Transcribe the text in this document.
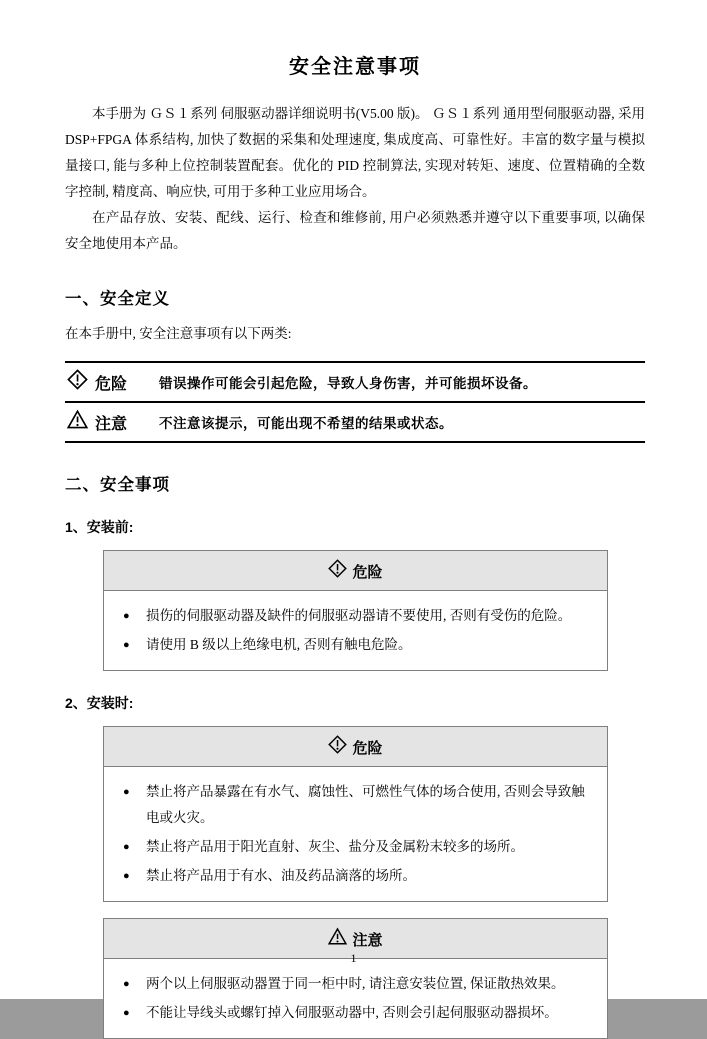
安全注意事项

本手册为 ＧＳ１系列 伺服驱动器详细说明书(V5.00 版)。 ＧＳ１系列 通用型伺服驱动器, 采用 DSP+FPGA 体系结构, 加快了数据的采集和处理速度, 集成度高、可靠性好。丰富的数字量与模拟量接口, 能与多种上位控制装置配套。优化的 PID 控制算法, 实现对转矩、速度、位置精确的全数字控制, 精度高、响应快, 可用于多种工业应用场合。

在产品存放、安装、配线、运行、检查和维修前, 用户必须熟悉并遵守以下重要事项, 以确保安全地使用本产品。

一、安全定义

在本手册中, 安全注意事项有以下两类:

危险 错误操作可能会引起危险，导致人身伤害，并可能损坏设备。
注意 不注意该提示，可能出现不希望的结果或状态。
二、安全事项
1、安装前:
危险
●	损伤的伺服驱动器及缺件的伺服驱动器请不要使用, 否则有受伤的危险。
●	请使用 B 级以上绝缘电机, 否则有触电危险。
2、安装时:
危险
●	禁止将产品暴露在有水气、腐蚀性、可燃性气体的场合使用, 否则会导致触电或火灾。
●	禁止将产品用于阳光直射、灰尘、盐分及金属粉末较多的场所。
●	禁止将产品用于有水、油及药品滴落的场所。
注意
●	两个以上伺服驱动器置于同一柜中时, 请注意安装位置, 保证散热效果。
●	不能让导线头或螺钉掉入伺服驱动器中, 否则会引起伺服驱动器损坏。
1
